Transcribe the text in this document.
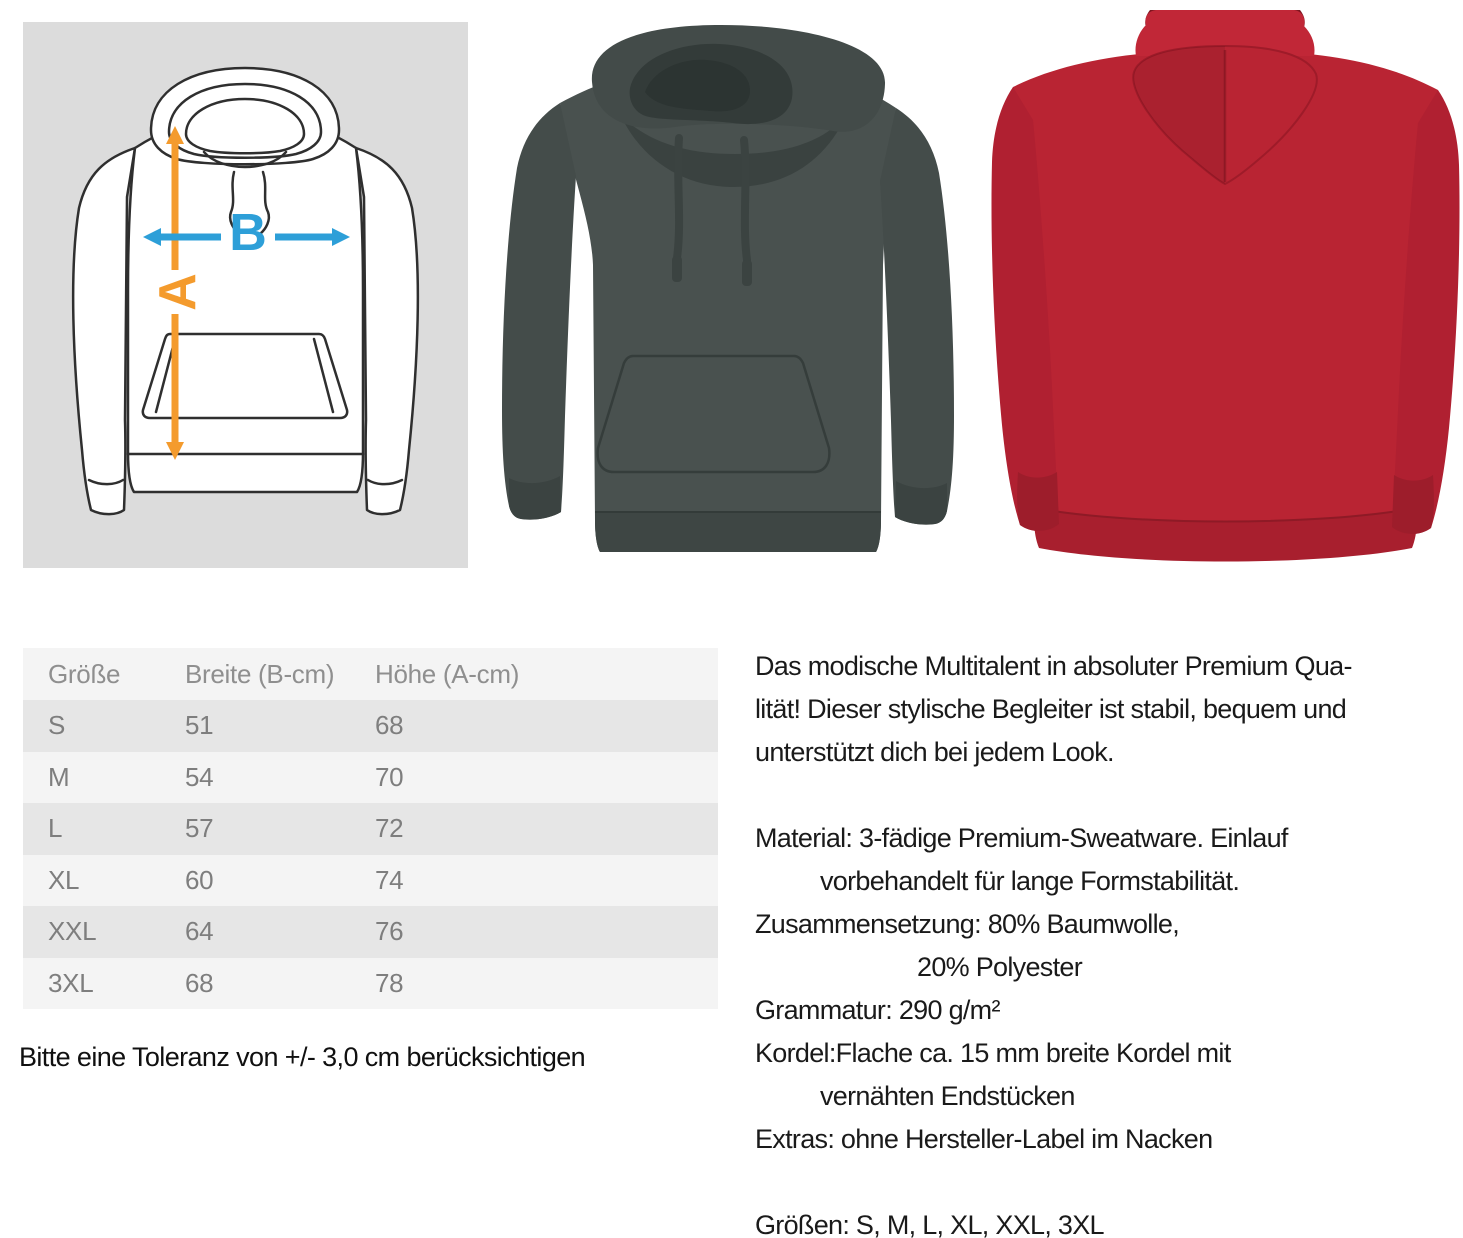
A
B
Größe	Breite (B-cm)	Höhe (A-cm)
S	51	68
M	54	70
L	57	72
XL	60	74
XXL	64	76
3XL	68	78
Bitte eine Toleranz von +/- 3,0 cm berücksichtigen
Das modische Multitalent in absoluter Premium Qua-
lität! Dieser stylische Begleiter ist stabil, bequem und
unterstützt dich bei jedem Look.

Material: 3-fädige Premium-Sweatware. Einlauf
vorbehandelt für lange Formstabilität.
Zusammensetzung: 80% Baumwolle,
20% Polyester
Grammatur: 290 g/m²
Kordel:Flache ca. 15 mm breite Kordel mit
vernähten Endstücken
Extras: ohne Hersteller-Label im Nacken

Größen: S, M, L, XL, XXL, 3XL
